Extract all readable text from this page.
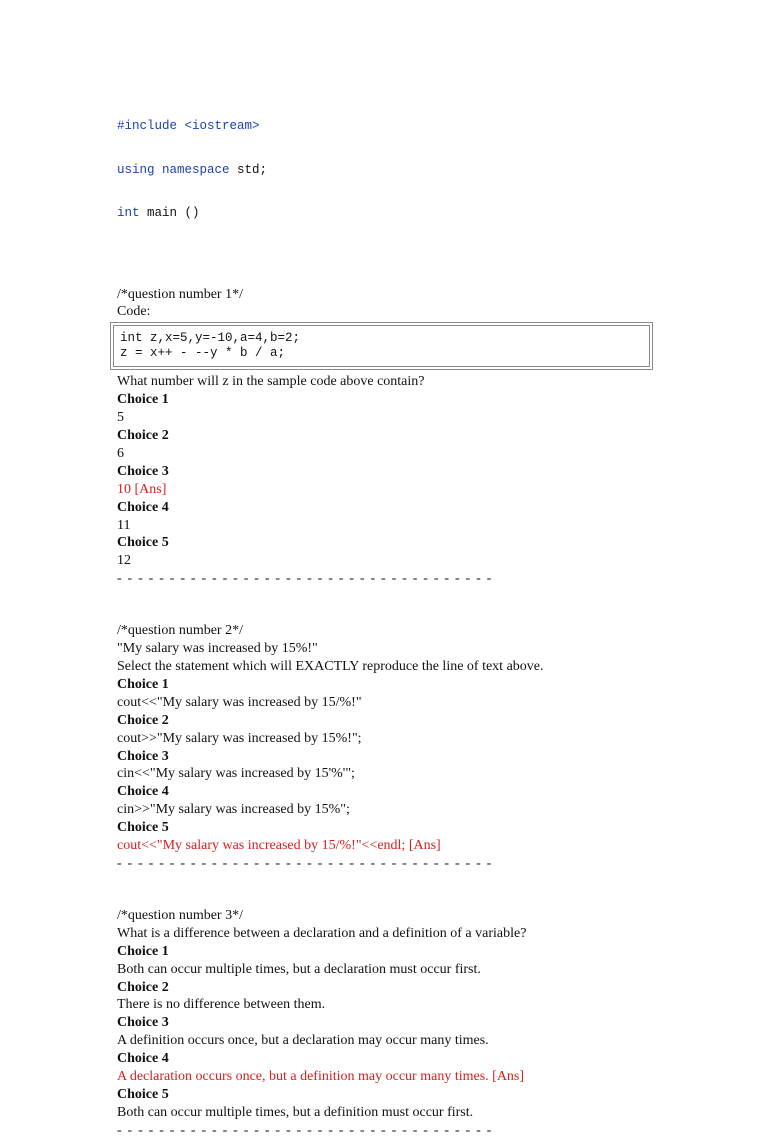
#include <iostream>

using namespace std;

int main ()

/*question number 1*/
Code:
int z,x=5,y=-10,a=4,b=2;
z = x++ - --y * b / a;
What number will z in the sample code above contain?
Choice 1
5
Choice 2
6
Choice 3
10 [Ans]
Choice 4
11
Choice 5
12
- - - - - - - - - - - - - - - - - - - - - - - - - - - - - - - - - - - -
/*question number 2*/
"My salary was increased by 15%!"
Select the statement which will EXACTLY reproduce the line of text above.
Choice 1
cout<<"My salary was increased by 15/%!"
Choice 2
cout>>"My salary was increased by 15%!";
Choice 3
cin<<"My salary was increased by 15'%'";
Choice 4
cin>>"My salary was increased by 15%";
Choice 5
cout<<"My salary was increased by 15/%!"<<endl; [Ans]
- - - - - - - - - - - - - - - - - - - - - - - - - - - - - - - - - - - -
/*question number 3*/
What is a difference between a declaration and a definition of a variable?
Choice 1
Both can occur multiple times, but a declaration must occur first.
Choice 2
There is no difference between them.
Choice 3
A definition occurs once, but a declaration may occur many times.
Choice 4
A declaration occurs once, but a definition may occur many times. [Ans]
Choice 5
Both can occur multiple times, but a definition must occur first.
- - - - - - - - - - - - - - - - - - - - - - - - - - - - - - - - - - - -
